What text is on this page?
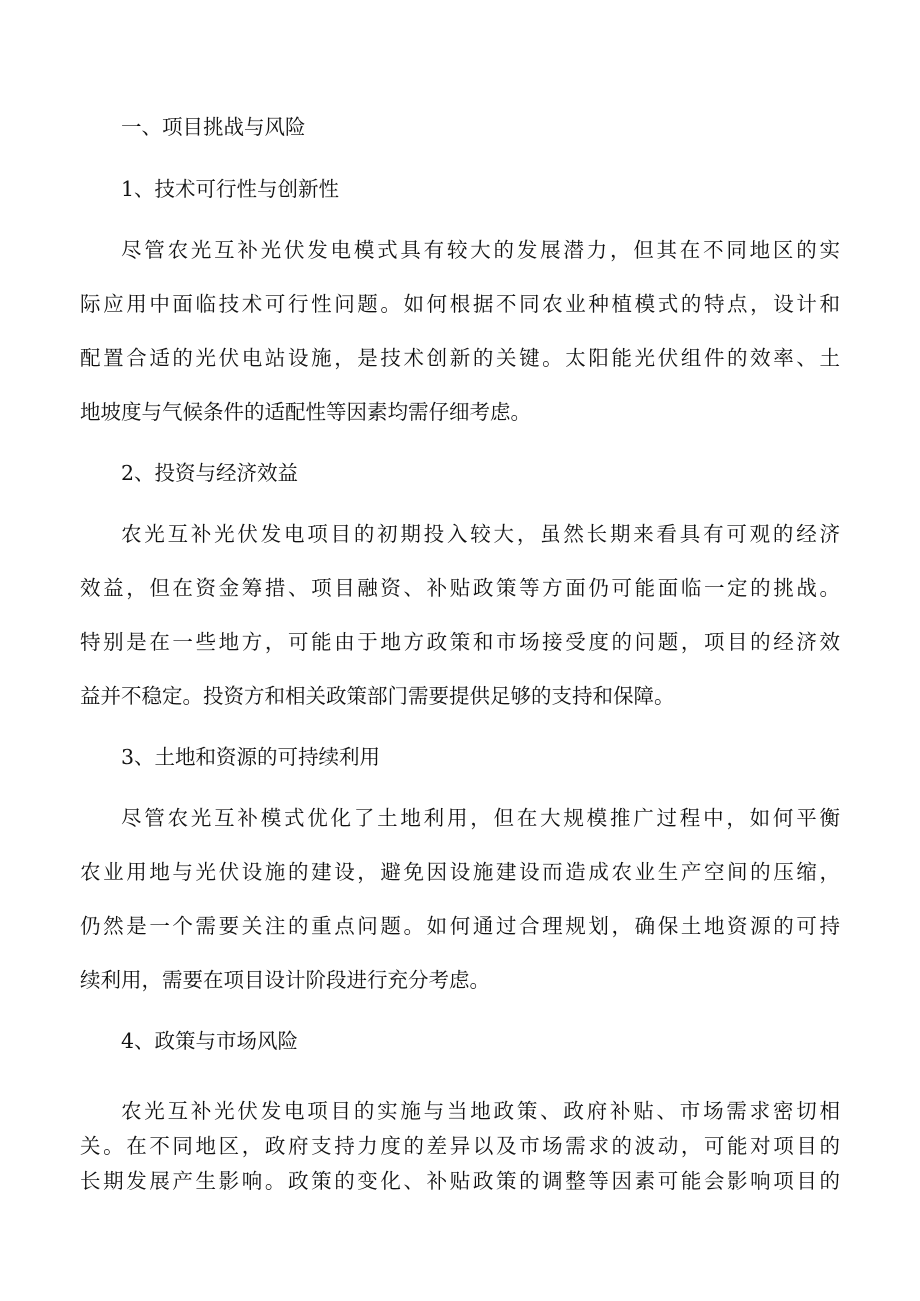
一、项目挑战与风险
1、技术可行性与创新性
尽管农光互补光伏发电模式具有较大的发展潜力，但其在不同地区的实
际应用中面临技术可行性问题。如何根据不同农业种植模式的特点，设计和
配置合适的光伏电站设施，是技术创新的关键。太阳能光伏组件的效率、土
地坡度与气候条件的适配性等因素均需仔细考虑。
2、投资与经济效益
农光互补光伏发电项目的初期投入较大，虽然长期来看具有可观的经济
效益，但在资金筹措、项目融资、补贴政策等方面仍可能面临一定的挑战。
特别是在一些地方，可能由于地方政策和市场接受度的问题，项目的经济效
益并不稳定。投资方和相关政策部门需要提供足够的支持和保障。
3、土地和资源的可持续利用
尽管农光互补模式优化了土地利用，但在大规模推广过程中，如何平衡
农业用地与光伏设施的建设，避免因设施建设而造成农业生产空间的压缩，
仍然是一个需要关注的重点问题。如何通过合理规划，确保土地资源的可持
续利用，需要在项目设计阶段进行充分考虑。
4、政策与市场风险
农光互补光伏发电项目的实施与当地政策、政府补贴、市场需求密切相
关。在不同地区，政府支持力度的差异以及市场需求的波动，可能对项目的
长期发展产生影响。政策的变化、补贴政策的调整等因素可能会影响项目的
